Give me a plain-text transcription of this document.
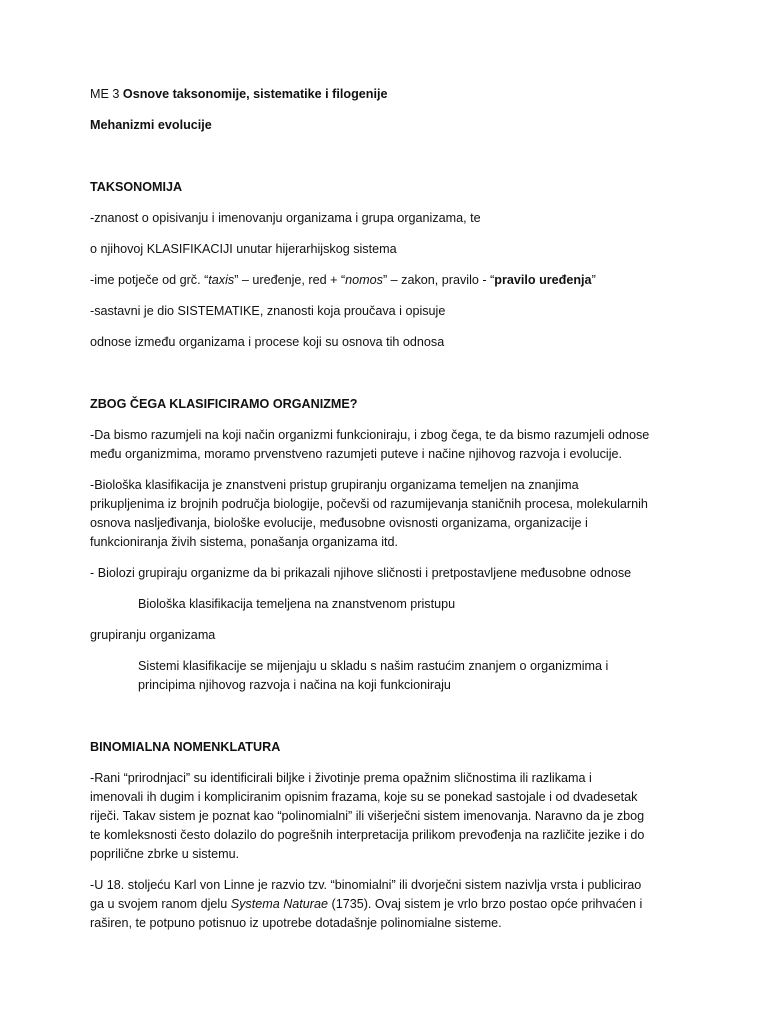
ME 3 Osnove taksonomije, sistematike i filogenije
Mehanizmi evolucije
TAKSONOMIJA
-znanost o opisivanju i imenovanju organizama i grupa organizama, te
o njihovoj KLASIFIKACIJI unutar hijerarhijskog sistema
-ime potječe od grč. “taxis” – uređenje, red + “nomos” – zakon, pravilo - “pravilo uređenja”
-sastavni je dio SISTEMATIKE, znanosti koja proučava i opisuje
odnose između organizama i procese koji su osnova tih odnosa
ZBOG ČEGA KLASIFICIRAMO ORGANIZME?
-Da bismo razumjeli na koji način organizmi funkcioniraju, i zbog čega, te da bismo razumjeli odnose
među organizmima, moramo prvenstveno razumjeti puteve i načine njihovog razvoja i evolucije.
-Biološka klasifikacija je znanstveni pristup grupiranju organizama temeljen na znanjima
prikupljenima iz brojnih područja biologije, počevši od razumijevanja staničnih procesa, molekularnih
osnova nasljeđivanja, biološke evolucije, međusobne ovisnosti organizama, organizacije i
funkcioniranja živih sistema, ponašanja organizama itd.
- Biolozi grupiraju organizme da bi prikazali njihove sličnosti i pretpostavljene međusobne odnose
Biološka klasifikacija temeljena na znanstvenom pristupu
grupiranju organizama
Sistemi klasifikacije se mijenjaju u skladu s našim rastućim znanjem o organizmima i
principima njihovog razvoja i načina na koji funkcioniraju
BINOMIALNA NOMENKLATURA
-Rani “prirodnjaci” su identificirali biljke i životinje prema opažnim sličnostima ili razlikama i
imenovali ih dugim i kompliciranim opisnim frazama, koje su se ponekad sastojale i od dvadesetak
riječi. Takav sistem je poznat kao “polinomialni” ili višerječni sistem imenovanja. Naravno da je zbog
te komleksnosti često dolazilo do pogrešnih interpretacija prilikom prevođenja na različite jezike i do
poprilične zbrke u sistemu.
-U 18. stoljeću Karl von Linne je razvio tzv. “binomialni” ili dvorječni sistem nazivlja vrsta i publicirao
ga u svojem ranom djelu Systema Naturae (1735). Ovaj sistem je vrlo brzo postao opće prihvaćen i
raširen, te potpuno potisnuo iz upotrebe dotadašnje polinomialne sisteme.
